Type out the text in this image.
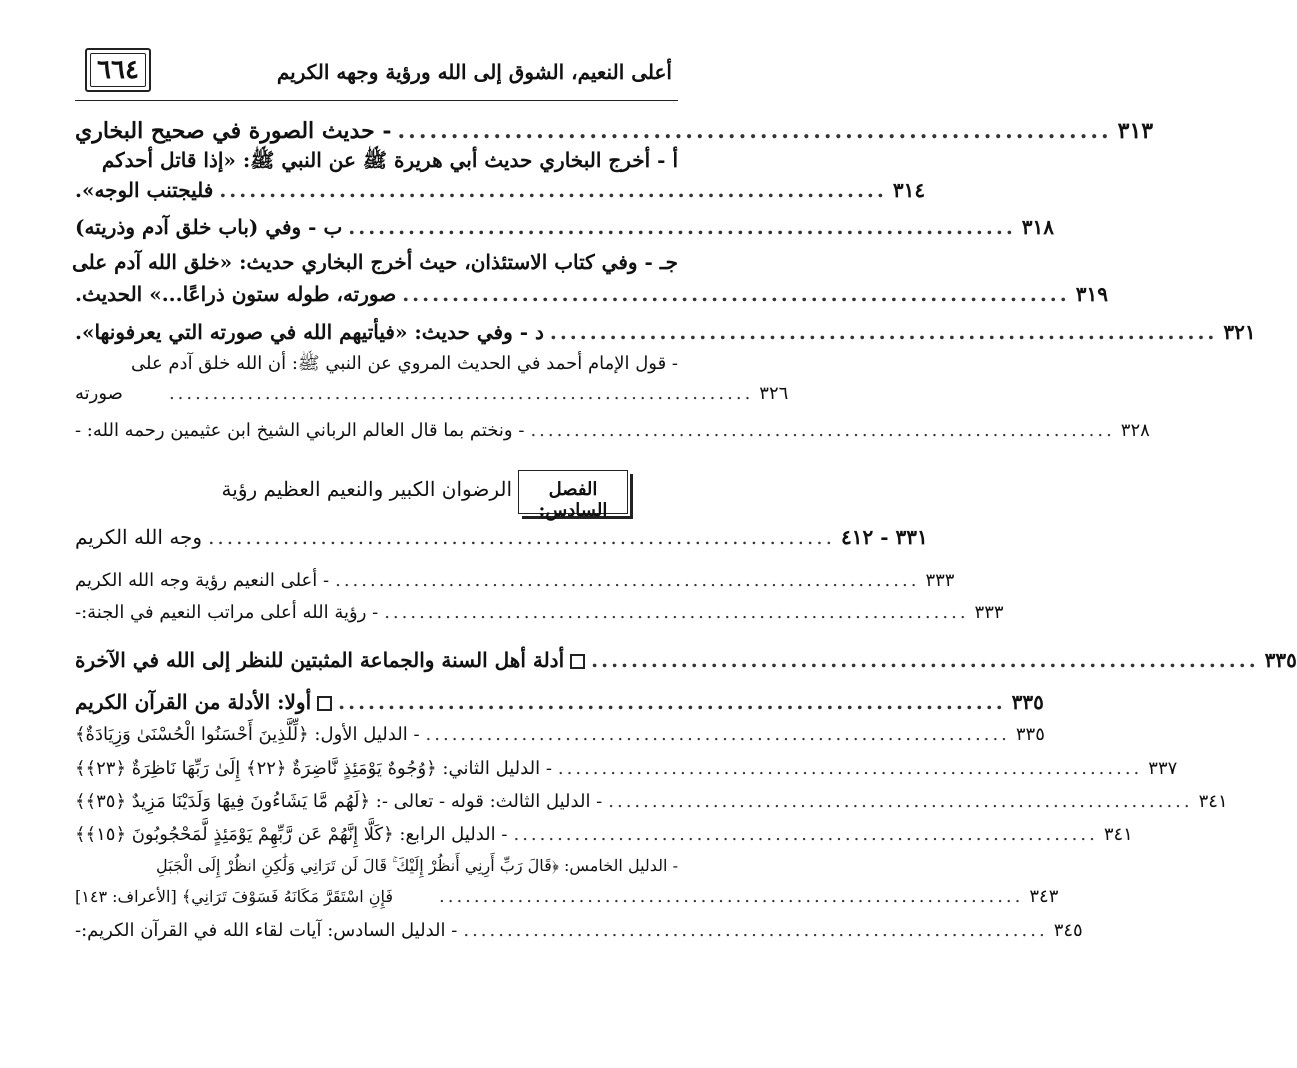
٦٦٤	أعلى النعيم، الشوق إلى الله ورؤية وجهه الكريم
- حديث الصورة في صحيح البخاري ................................................................... ٣١٣
أ - أخرج البخاري حديث أبي هريرة ﷺ عن النبي ﷺ: «إذا قاتل أحدكم
فليجتنب الوجه». ................................................................... ٣١٤
ب - وفي (باب خلق آدم وذريته) ................................................................... ٣١٨
جـ - وفي كتاب الاستئذان، حيث أخرج البخاري حديث: «خلق الله آدم على
صورته، طوله ستون ذراعًا...» الحديث. ................................................................... ٣١٩
د - وفي حديث: «فيأتيهم الله في صورته التي يعرفونها». ................................................................... ٣٢١
- قول الإمام أحمد في الحديث المروي عن النبي ﷺ: أن الله خلق آدم على
صورته	................................................................... ٣٢٦
- ونختم بما قال العالم الرباني الشيخ ابن عثيمين رحمه الله: - ................................................................... ٣٢٨
الفصل السادس:
الرضوان الكبير والنعيم العظيم رؤية
وجه الله الكريم ................................................................... ٣٣١ - ٤١٢
- أعلى النعيم رؤية وجه الله الكريم ................................................................... ٣٣٣
- رؤية الله أعلى مراتب النعيم في الجنة:- ................................................................... ٣٣٣
أدلة أهل السنة والجماعة المثبتين للنظر إلى الله في الآخرة	................................................................... ٣٣٥
أولا: الأدلة من القرآن الكريم	................................................................... ٣٣٥
- الدليل الأول: ﴿لِّلَّذِينَ أَحْسَنُوا الْحُسْنَىٰ وَزِيَادَةٌ﴾ ................................................................... ٣٣٥
- الدليل الثاني: ﴿وُجُوهٌ يَوْمَئِذٍ نَّاضِرَةٌ ﴿٢٢﴾ إِلَىٰ رَبِّهَا نَاظِرَةٌ ﴿٢٣﴾﴾ ................................................................... ٣٣٧
- الدليل الثالث: قوله - تعالى -: ﴿لَهُم مَّا يَشَاءُونَ فِيهَا وَلَدَيْنَا مَزِيدٌ ﴿٣٥﴾﴾ ................................................................... ٣٤١
- الدليل الرابع: ﴿كَلَّا إِنَّهُمْ عَن رَّبِّهِمْ يَوْمَئِذٍ لَّمَحْجُوبُونَ ﴿١٥﴾﴾ ................................................................... ٣٤١
- الدليل الخامس: ﴿قَالَ رَبِّ أَرِنِي أَنظُرْ إِلَيْكَ ۚ قَالَ لَن تَرَانِي وَلَٰكِنِ انظُرْ إِلَى الْجَبَلِ
فَإِنِ اسْتَقَرَّ مَكَانَهُ فَسَوْفَ تَرَانِي﴾ [الأعراف: ١٤٣]	................................................................... ٣٤٣
- الدليل السادس: آيات لقاء الله في القرآن الكريم:- ................................................................... ٣٤٥
